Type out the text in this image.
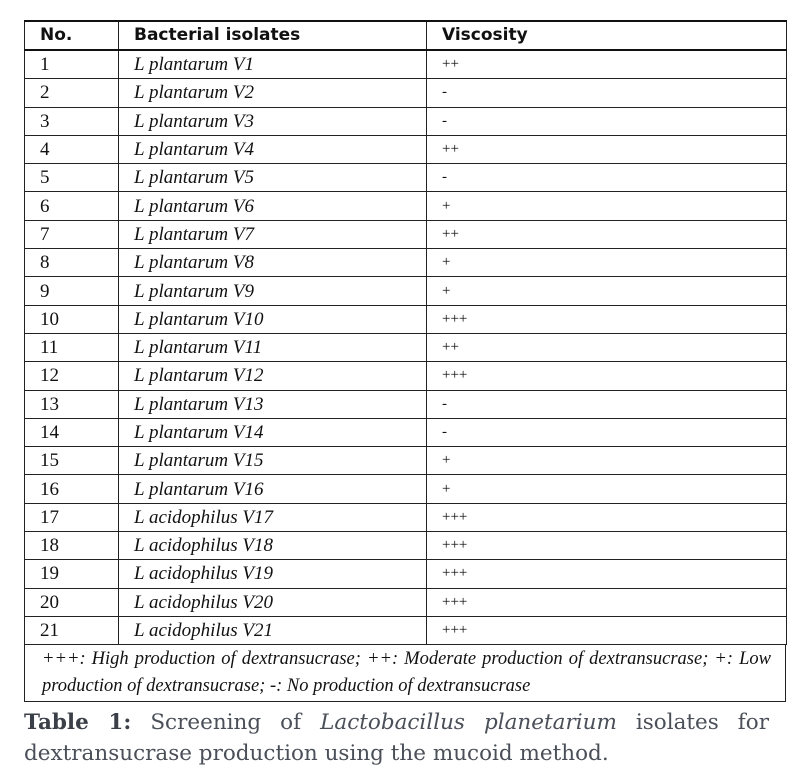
No.	Bacterial isolates	Viscosity
1	L plantarum V1	++
2	L plantarum V2	-
3	L plantarum V3	-
4	L plantarum V4	++
5	L plantarum V5	-
6	L plantarum V6	+
7	L plantarum V7	++
8	L plantarum V8	+
9	L plantarum V9	+
10	L plantarum V10	+++
11	L plantarum V11	++
12	L plantarum V12	+++
13	L plantarum V13	-
14	L plantarum V14	-
15	L plantarum V15	+
16	L plantarum V16	+
17	L acidophilus V17	+++
18	L acidophilus V18	+++
19	L acidophilus V19	+++
20	L acidophilus V20	+++
21	L acidophilus V21	+++
+++: High production of dextransucrase; ++: Moderate production of dextransucrase; +: Low production of dextransucrase; -: No production of dextransucrase
Table 1: Screening of Lactobacillus planetarium isolates for dextransucrase production using the mucoid method.
